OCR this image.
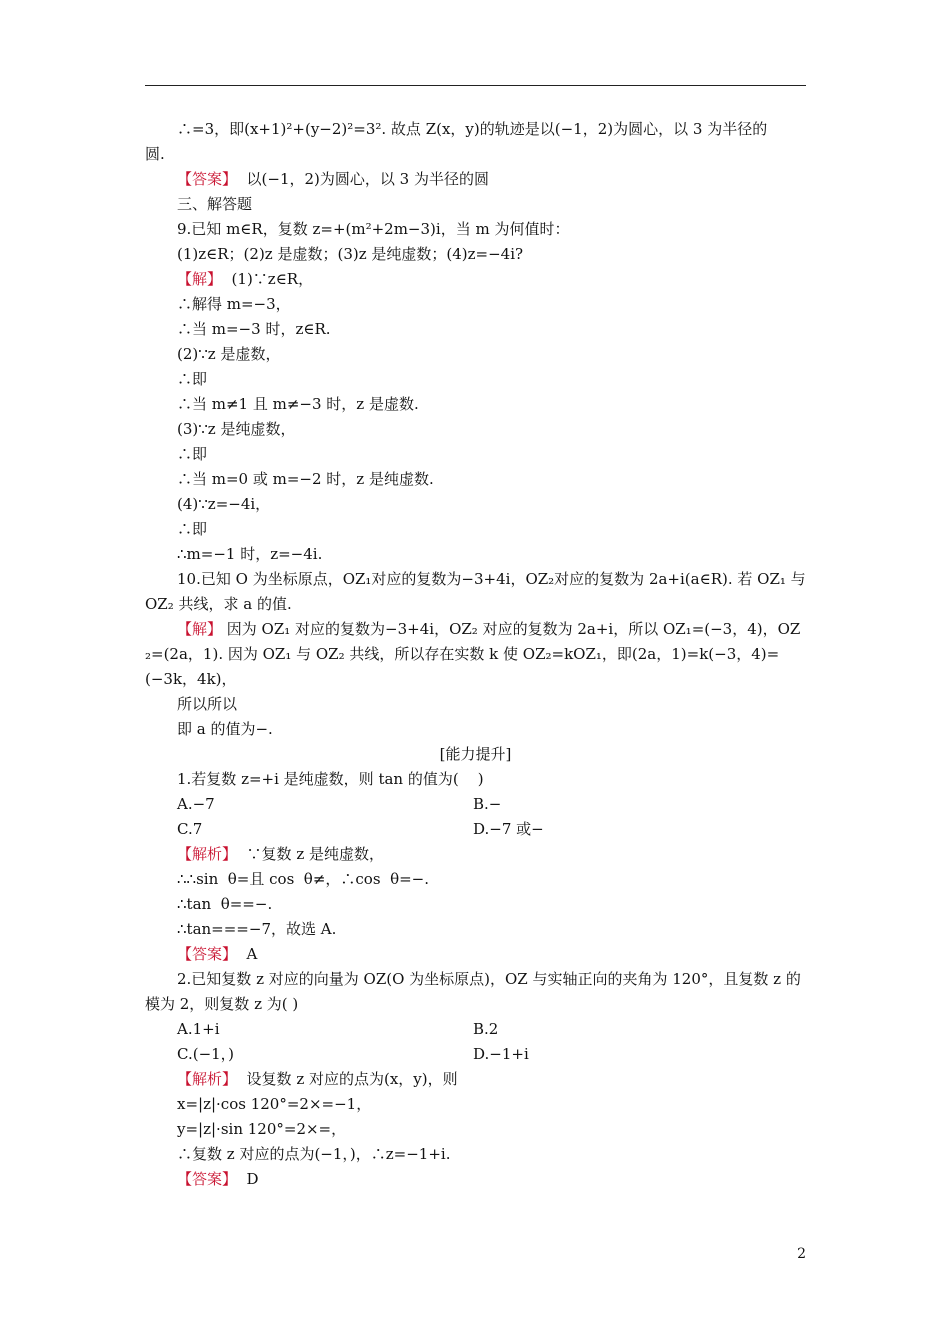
∴=3，即(x+1)²+(y−2)²=3². 故点 Z(x，y)的轨迹是以(−1，2)为圆心，以 3 为半径的
圆.
【答案】  以(−1，2)为圆心，以 3 为半径的圆
三、解答题
9.已知 m∈R，复数 z=+(m²+2m−3)i，当 m 为何值时：
(1)z∈R；(2)z 是虚数；(3)z 是纯虚数；(4)z=−4i?
【解】  (1)∵z∈R，
∴解得 m=−3，
∴当 m=−3 时，z∈R.
(2)∵z 是虚数，
∴即
∴当 m≠1 且 m≠−3 时，z 是虚数.
(3)∵z 是纯虚数，
∴即
∴当 m=0 或 m=−2 时，z 是纯虚数.
(4)∵z=−4i，
∴即
∴m=−1 时，z=−4i.
10.已知 O 为坐标原点，OZ₁对应的复数为−3+4i，OZ₂对应的复数为 2a+i(a∈R). 若 OZ₁ 与 OZ₂ 共线，求 a 的值.
【解】 因为 OZ₁ 对应的复数为−3+4i，OZ₂ 对应的复数为 2a+i，所以 OZ₁=(−3，4)，OZ₂=(2a，1). 因为 OZ₁ 与 OZ₂ 共线，所以存在实数 k 使 OZ₂=kOZ₁，即(2a，1)=k(−3，4)=(−3k，4k)，
所以所以
即 a 的值为−.
[能力提升]
1.若复数 z=+i 是纯虚数，则 tan 的值为(    )
A.−7	B.−
C.7	D.−7 或−
【解析】  ∵复数 z 是纯虚数，
∴∴sin  θ=且 cos  θ≠，∴cos  θ=−.
∴tan  θ==−.
∴tan===−7，故选 A.
【答案】  A
2.已知复数 z 对应的向量为 OZ(O 为坐标原点)，OZ 与实轴正向的夹角为 120°，且复数 z 的模为 2，则复数 z 为( )
A.1+i	B.2
C.(−1，)	D.−1+i
【解析】  设复数 z 对应的点为(x，y)，则
x=|z|·cos 120°=2×=−1，
y=|z|·sin 120°=2×=，
∴复数 z 对应的点为(−1，)，∴z=−1+i.
【答案】  D
2
